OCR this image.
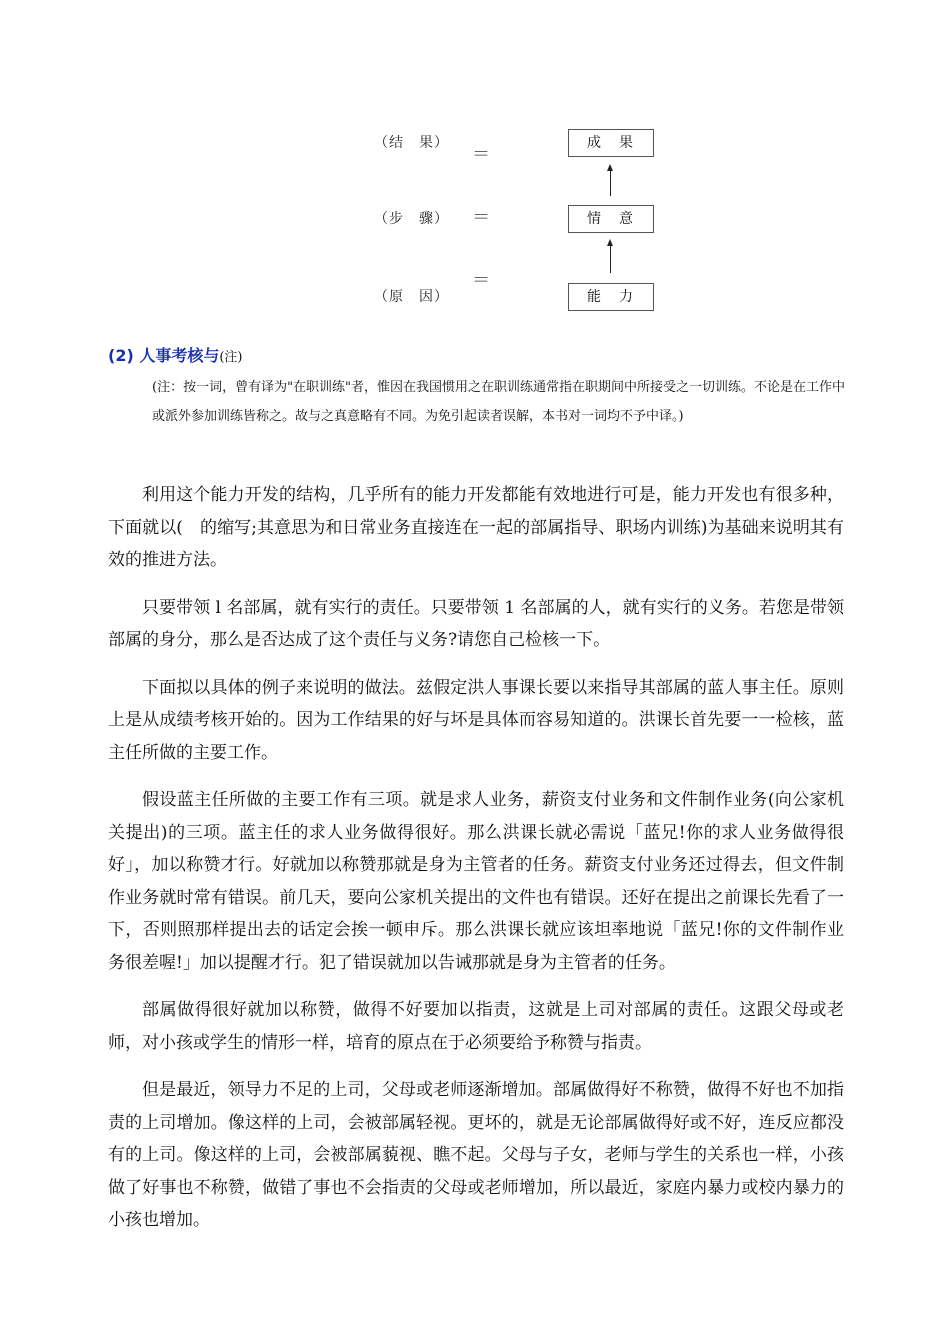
（结　果）
＝
成　果
（步　骤） ＝	情　意
（原　因）
＝
能　力
(2) 人事考核与(注)
(注：按一词，曾有译为"在职训练"者，惟因在我国惯用之在职训练通常指在职期间中所接受之一切训练。不论是在工作中或派外参加训练皆称之。故与之真意略有不同。为免引起读者误解，本书对一词均不予中译。)

利用这个能力开发的结构，几乎所有的能力开发都能有效地进行可是，能力开发也有很多种，下面就以(　的缩写;其意思为和日常业务直接连在一起的部属指导、职场内训练)为基础来说明其有效的推进方法。

只要带领 l 名部属，就有实行的责任。只要带领 1 名部属的人，就有实行的义务。若您是带领部属的身分，那么是否达成了这个责任与义务?请您自己检核一下。

下面拟以具体的例子来说明的做法。兹假定洪人事课长要以来指导其部属的蓝人事主任。原则上是从成绩考核开始的。因为工作结果的好与坏是具体而容易知道的。洪课长首先要一一检核，蓝主任所做的主要工作。

假设蓝主任所做的主要工作有三项。就是求人业务，薪资支付业务和文件制作业务(向公家机关提出)的三项。蓝主任的求人业务做得很好。那么洪课长就必需说「蓝兄!你的求人业务做得很好」，加以称赞才行。好就加以称赞那就是身为主管者的任务。薪资支付业务还过得去，但文件制作业务就时常有错误。前几天，要向公家机关提出的文件也有错误。还好在提出之前课长先看了一下，否则照那样提出去的话定会挨一顿申斥。那么洪课长就应该坦率地说「蓝兄!你的文件制作业务很差喔!」加以提醒才行。犯了错误就加以告诫那就是身为主管者的任务。

部属做得很好就加以称赞，做得不好要加以指责，这就是上司对部属的责任。这跟父母或老师，对小孩或学生的情形一样，培育的原点在于必须要给予称赞与指责。

但是最近，领导力不足的上司，父母或老师逐渐增加。部属做得好不称赞，做得不好也不加指责的上司增加。像这样的上司，会被部属轻视。更坏的，就是无论部属做得好或不好，连反应都没有的上司。像这样的上司，会被部属藐视、瞧不起。父母与子女，老师与学生的关系也一样，小孩做了好事也不称赞，做错了事也不会指责的父母或老师增加，所以最近，家庭内暴力或校内暴力的小孩也增加。
